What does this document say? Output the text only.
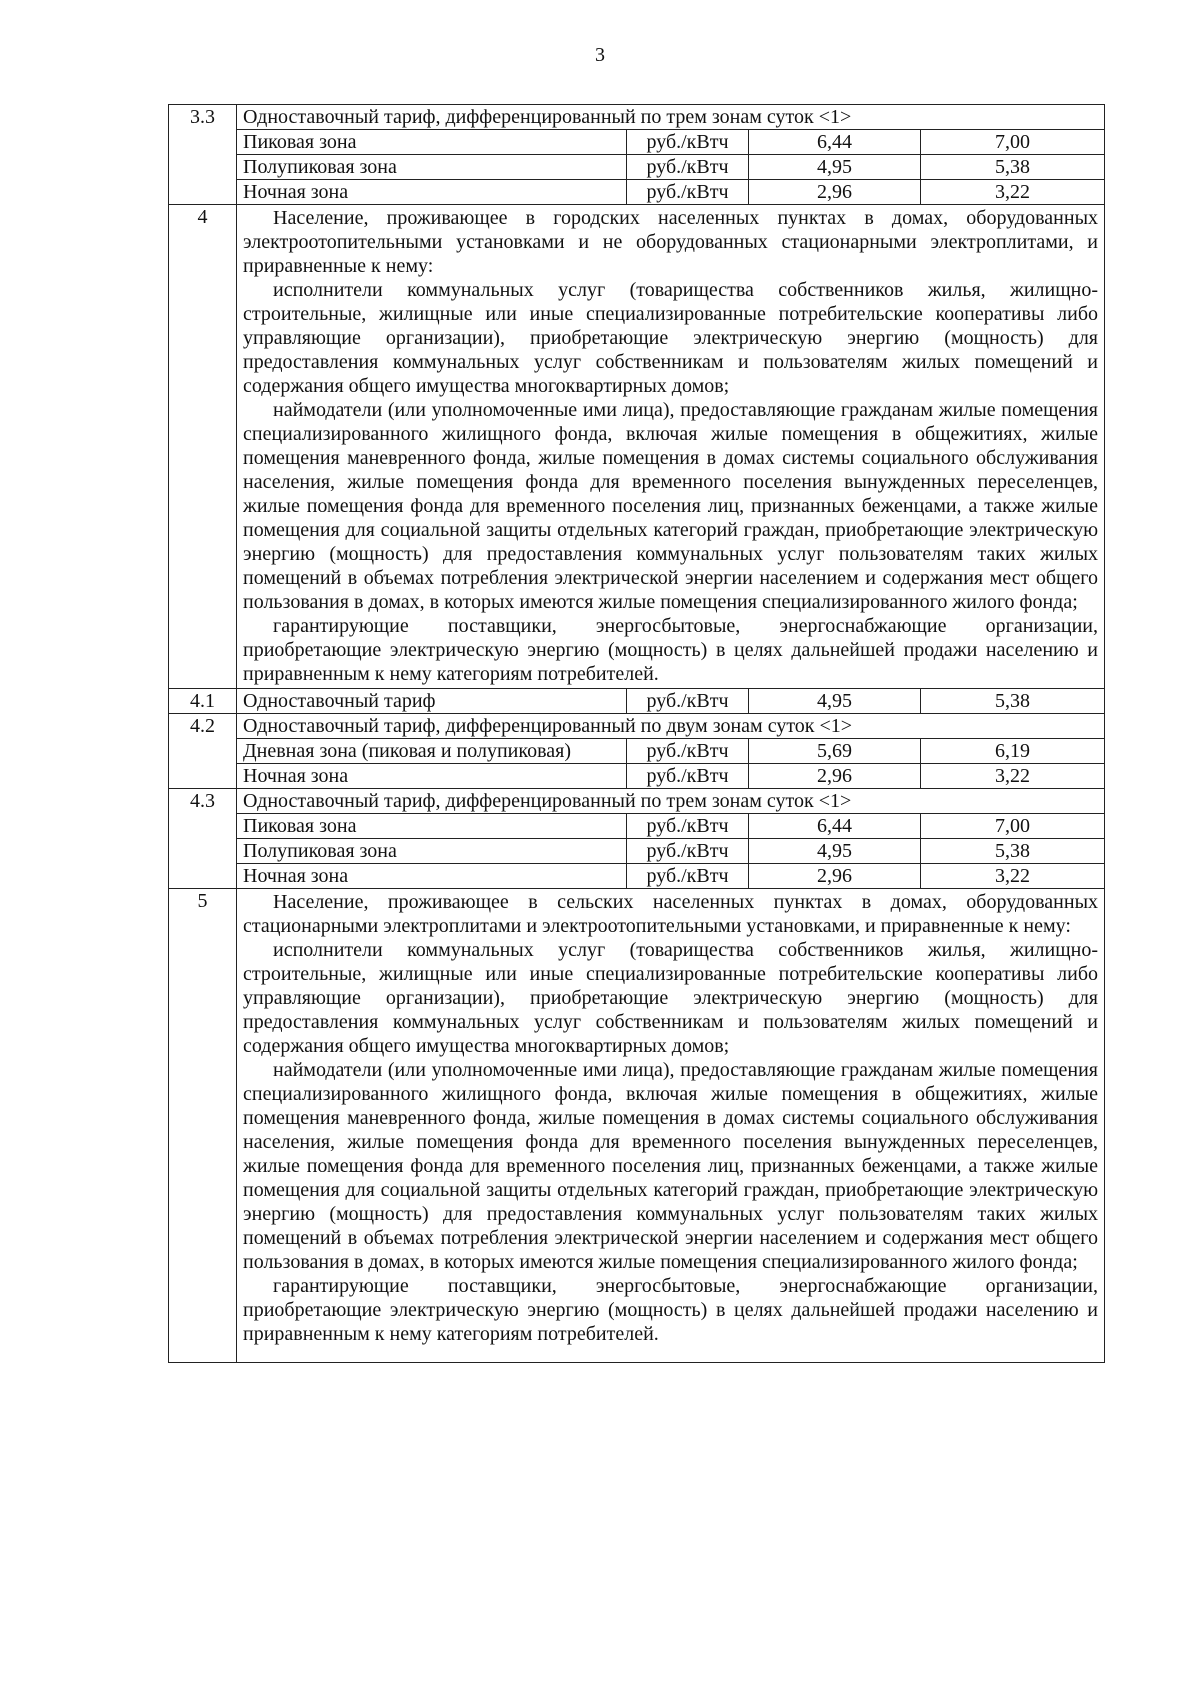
3
3.3	Одноставочный тариф, дифференцированный по трем зонам суток <1>			
	Пиковая зона	руб./кВтч	6,44	7,00
	Полупиковая зона	руб./кВтч	4,95	5,38
	Ночная зона	руб./кВтч	2,96	3,22
4	Население, проживающее в городских населенных пунктах в домах, оборудованных электроотопительными установками и не оборудованных стационарными электроплитами, и приравненные к нему:

исполнители коммунальных услуг (товарищества собственников жилья, жилищно-строительные, жилищные или иные специализированные потребительские кооперативы либо управляющие организации), приобретающие электрическую энергию (мощность) для предоставления коммунальных услуг собственникам и пользователям жилых помещений и содержания общего имущества многоквартирных домов;

наймодатели (или уполномоченные ими лица), предоставляющие гражданам жилые помещения специализированного жилищного фонда, включая жилые помещения в общежитиях, жилые помещения маневренного фонда, жилые помещения в домах системы социального обслуживания населения, жилые помещения фонда для временного поселения вынужденных переселенцев, жилые помещения фонда для временного поселения лиц, признанных беженцами, а также жилые помещения для социальной защиты отдельных категорий граждан, приобретающие электрическую энергию (мощность) для предоставления коммунальных услуг пользователям таких жилых помещений в объемах потребления электрической энергии населением и содержания мест общего пользования в домах, в которых имеются жилые помещения специализированного жилого фонда;

гарантирующие поставщики, энергосбытовые, энергоснабжающие организации, приобретающие электрическую энергию (мощность) в целях дальнейшей продажи населению и приравненным к нему категориям потребителей.			

4.1	Одноставочный тариф	руб./кВтч	4,95	5,38
4.2	Одноставочный тариф, дифференцированный по двум зонам суток <1>			
	Дневная зона (пиковая и полупиковая)	руб./кВтч	5,69	6,19
	Ночная зона	руб./кВтч	2,96	3,22
4.3	Одноставочный тариф, дифференцированный по трем зонам суток <1>			
	Пиковая зона	руб./кВтч	6,44	7,00
	Полупиковая зона	руб./кВтч	4,95	5,38
	Ночная зона	руб./кВтч	2,96	3,22
5	Население, проживающее в сельских населенных пунктах в домах, оборудованных стационарными электроплитами и электроотопительными установками, и приравненные к нему:

исполнители коммунальных услуг (товарищества собственников жилья, жилищно-строительные, жилищные или иные специализированные потребительские кооперативы либо управляющие организации), приобретающие электрическую энергию (мощность) для предоставления коммунальных услуг собственникам и пользователям жилых помещений и содержания общего имущества многоквартирных домов;

наймодатели (или уполномоченные ими лица), предоставляющие гражданам жилые помещения специализированного жилищного фонда, включая жилые помещения в общежитиях, жилые помещения маневренного фонда, жилые помещения в домах системы социального обслуживания населения, жилые помещения фонда для временного поселения вынужденных переселенцев, жилые помещения фонда для временного поселения лиц, признанных беженцами, а также жилые помещения для социальной защиты отдельных категорий граждан, приобретающие электрическую энергию (мощность) для предоставления коммунальных услуг пользователям таких жилых помещений в объемах потребления электрической энергии населением и содержания мест общего пользования в домах, в которых имеются жилые помещения специализированного жилого фонда;

гарантирующие поставщики, энергосбытовые, энергоснабжающие организации, приобретающие электрическую энергию (мощность) в целях дальнейшей продажи населению и приравненным к нему категориям потребителей.			
